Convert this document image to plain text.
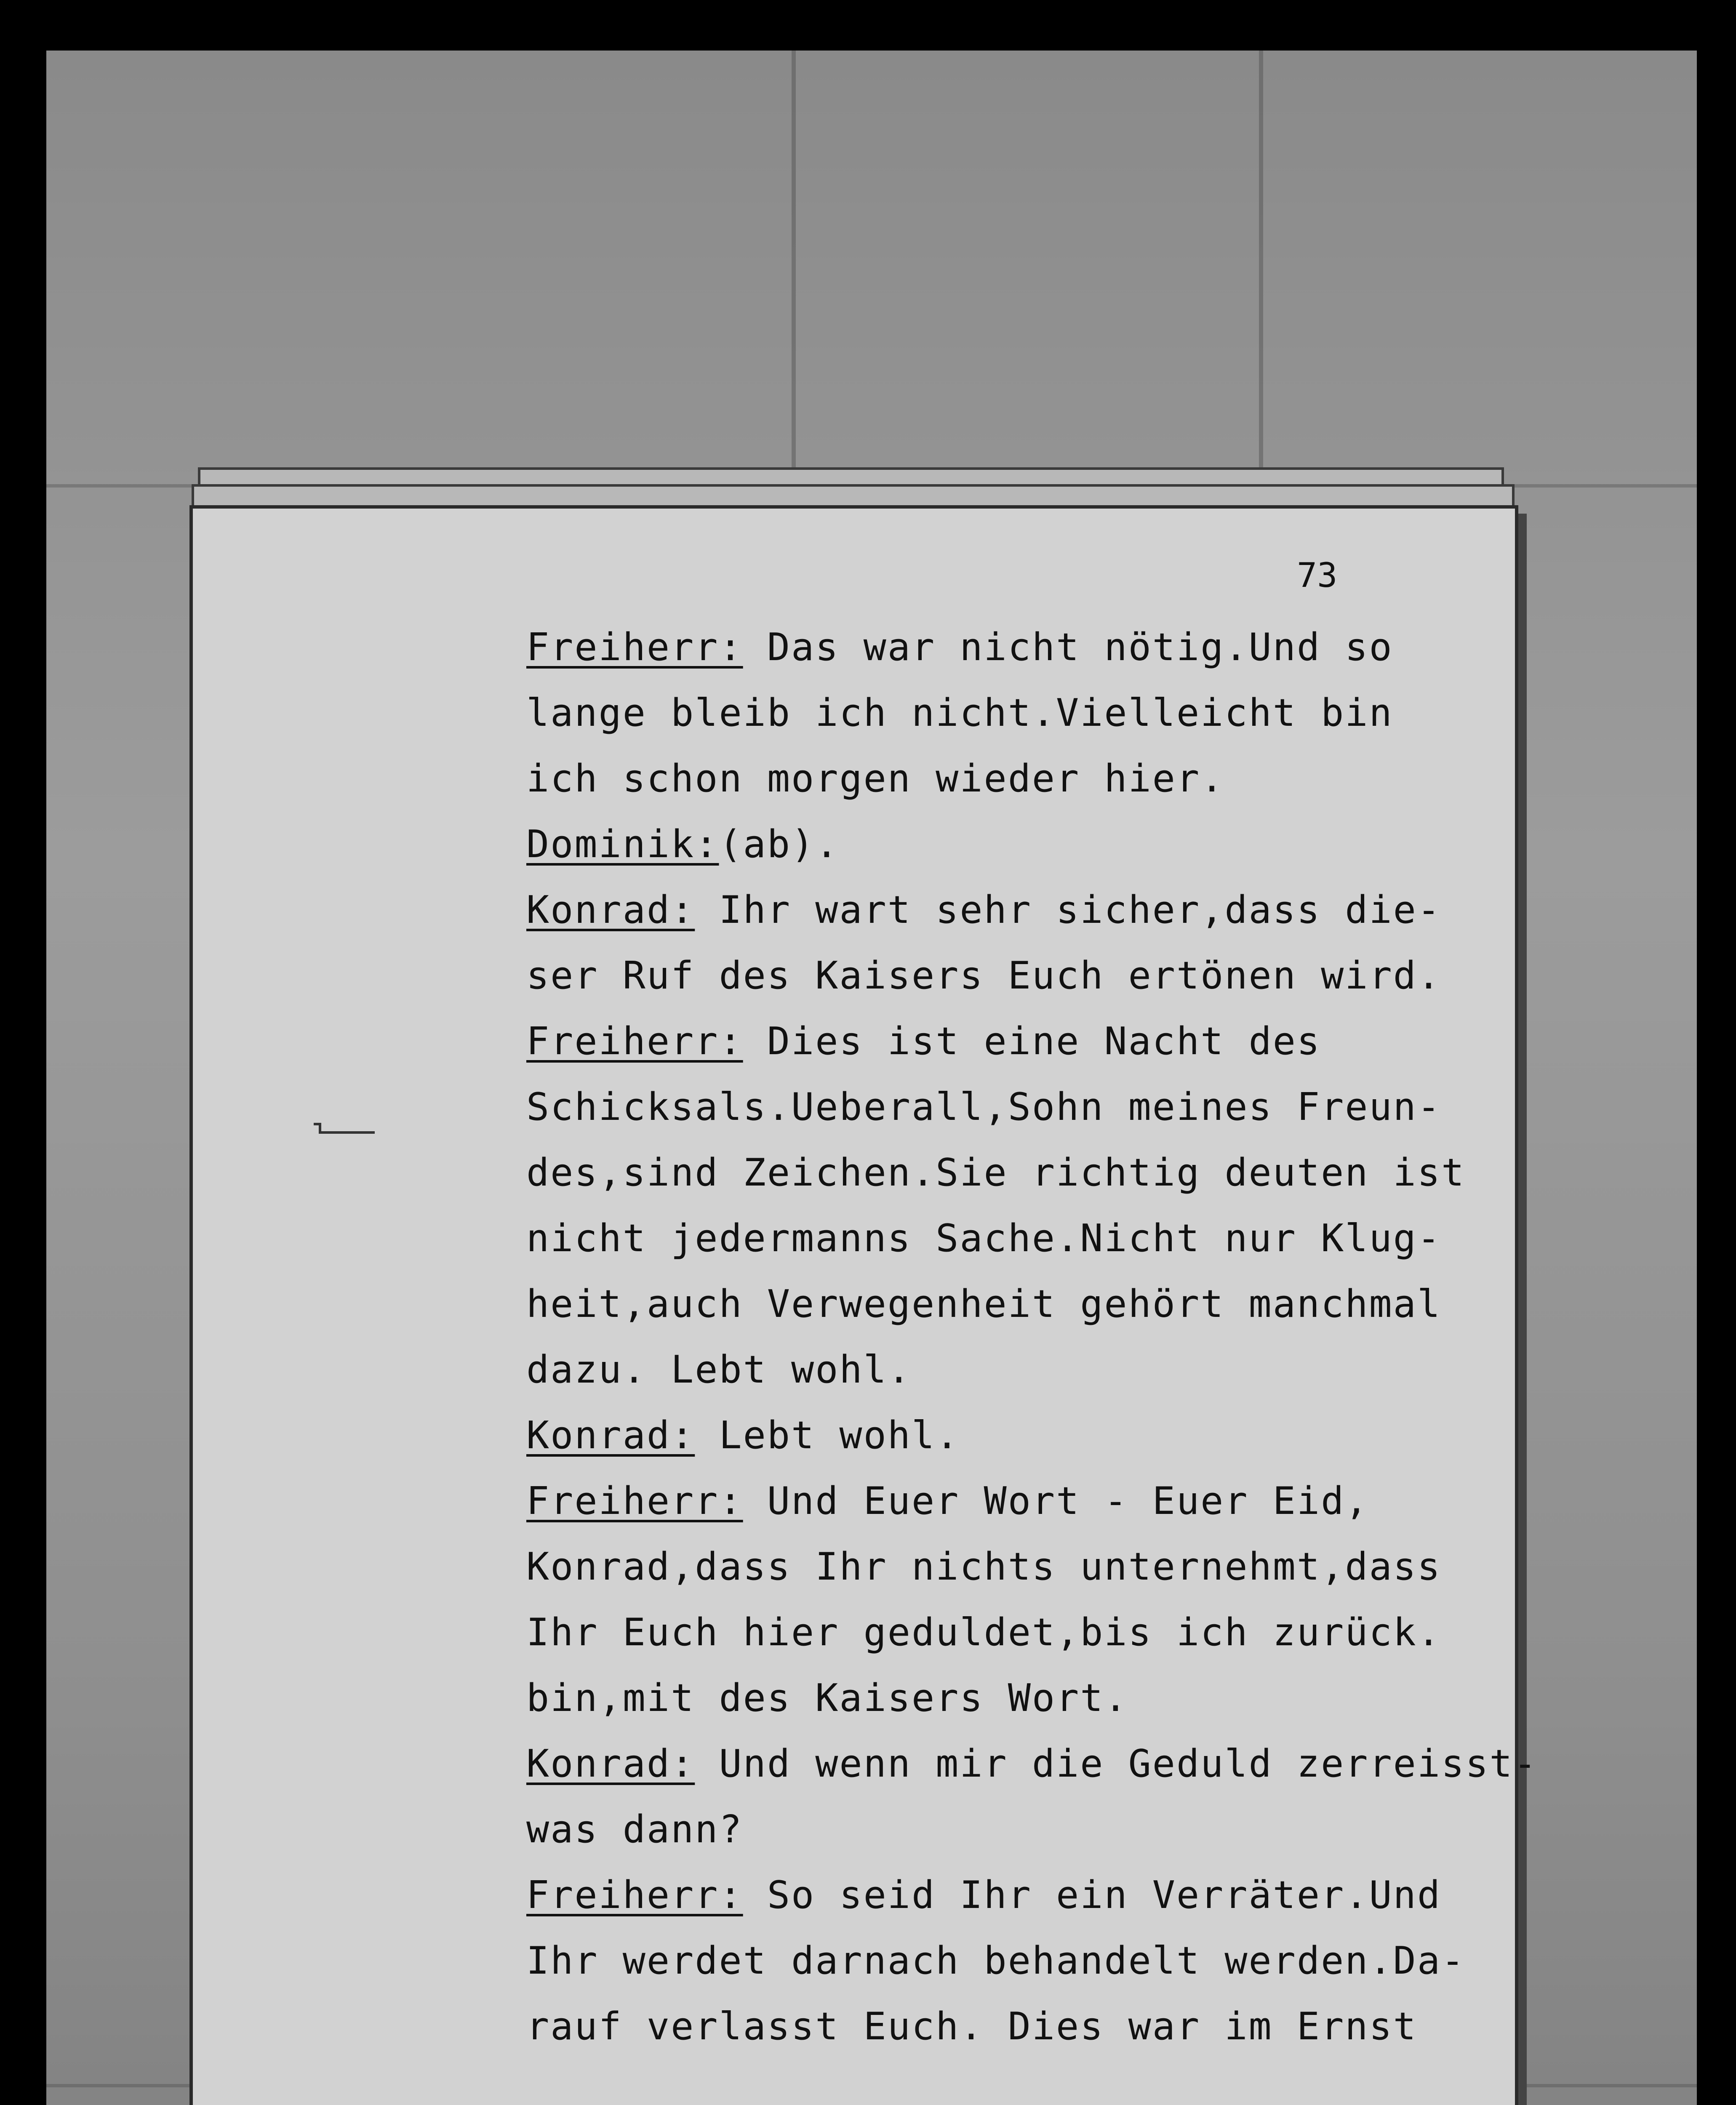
73
Freiherr: Das war nicht nötig.Und so
lange bleib ich nicht.Vielleicht bin
ich schon morgen wieder hier.
Dominik:(ab).
Konrad: Ihr wart sehr sicher,dass die-
ser Ruf des Kaisers Euch ertönen wird.
Freiherr: Dies ist eine Nacht des
Schicksals.Ueberall,Sohn meines Freun-
des,sind Zeichen.Sie richtig deuten ist
nicht jedermanns Sache.Nicht nur Klug-
heit,auch Verwegenheit gehört manchmal
dazu. Lebt wohl.
Konrad: Lebt wohl.
Freiherr: Und Euer Wort - Euer Eid,
Konrad,dass Ihr nichts unternehmt,dass
Ihr Euch hier geduldet,bis ich zurück.
bin,mit des Kaisers Wort.
Konrad: Und wenn mir die Geduld zerreisst-
was dann?
Freiherr: So seid Ihr ein Verräter.Und
Ihr werdet darnach behandelt werden.Da-
rauf verlasst Euch. Dies war im Ernst
